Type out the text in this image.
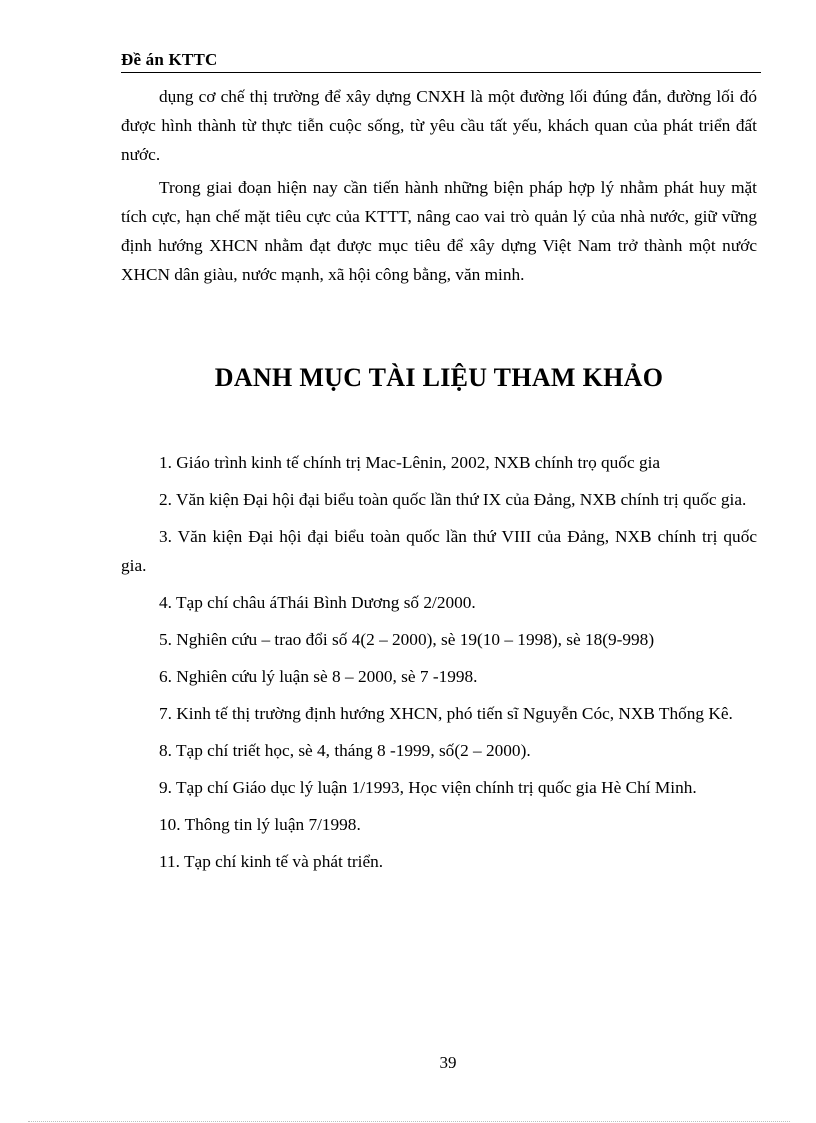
Đề án KTTC

dụng cơ chế thị trường để xây dựng CNXH là một đường lối đúng đắn, đường lối đó được hình thành từ thực tiễn cuộc sống, từ yêu cầu tất yếu, khách quan của phát triển đất nước.

Trong giai đoạn hiện nay cần tiến hành những biện pháp hợp lý nhằm phát huy mặt tích cực, hạn chế mặt tiêu cực của KTTT, nâng cao vai trò quản lý của nhà nước, giữ vững định hướng XHCN nhằm đạt được mục tiêu để xây dựng Việt Nam trở thành một nước XHCN dân giàu, nước mạnh, xã hội công bằng, văn minh.

DANH MỤC TÀI LIỆU THAM KHẢO

1. Giáo trình kinh tế chính trị Mac-Lênin, 2002, NXB chính trọ quốc gia

2. Văn kiện Đại hội đại biểu toàn quốc lần thứ IX của Đảng, NXB chính trị quốc gia.

3. Văn kiện Đại hội đại biểu toàn quốc lần thứ VIII của Đảng, NXB chính trị quốc gia.

4. Tạp chí châu áThái Bình Dương số 2/2000.

5. Nghiên cứu – trao đổi số 4(2 – 2000), sè 19(10 – 1998), sè 18(9-998)

6. Nghiên cứu lý luận sè 8 – 2000, sè 7 -1998.

7. Kinh tế thị trường định hướng XHCN, phó tiến sĩ Nguyễn Cóc, NXB Thống Kê.

8. Tạp chí triết học, sè 4, tháng 8 -1999, số(2 – 2000).

9. Tạp chí Giáo dục lý luận 1/1993, Học viện chính trị quốc gia Hè Chí Minh.

10. Thông tin lý luận 7/1998.

11. Tạp chí kinh tế và phát triển.

39
